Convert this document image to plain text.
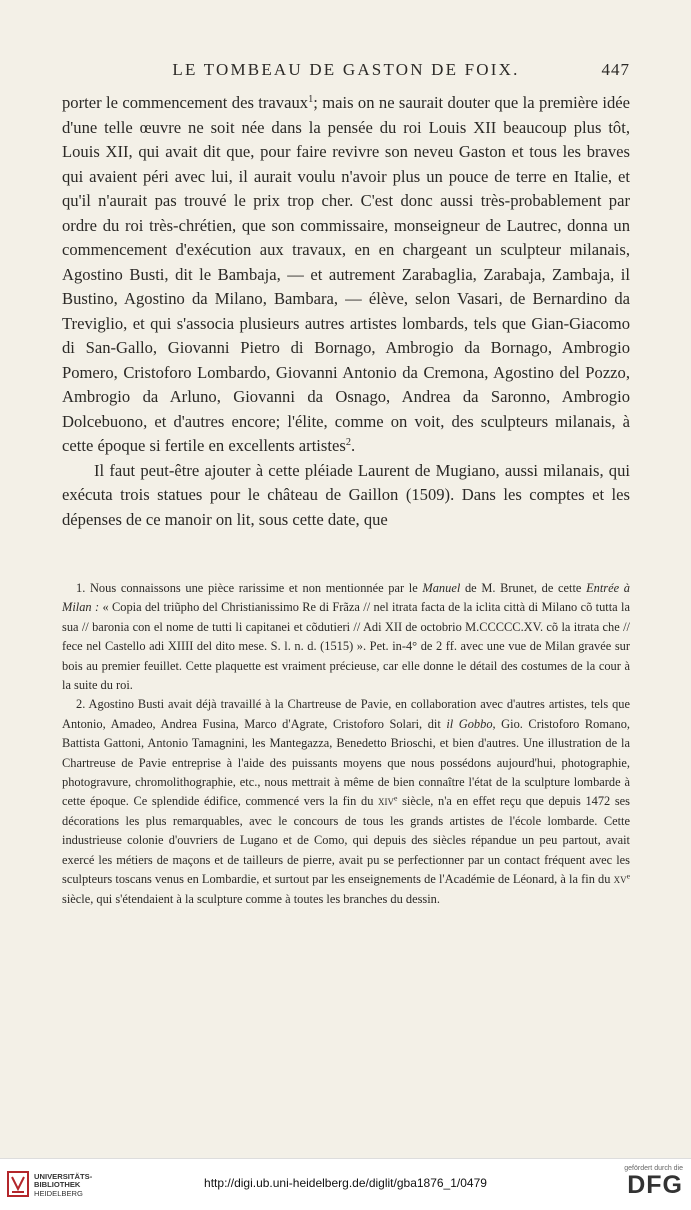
LE TOMBEAU DE GASTON DE FOIX.	447

porter le commencement des travaux$^1$; mais on ne saurait douter que la première idée d'une telle œuvre ne soit née dans la pensée du roi Louis XII beaucoup plus tôt, Louis XII, qui avait dit que, pour faire revivre son neveu Gaston et tous les braves qui avaient péri avec lui, il aurait voulu n'avoir plus un pouce de terre en Italie, et qu'il n'aurait pas trouvé le prix trop cher. C'est donc aussi très-probablement par ordre du roi très-chrétien, que son commissaire, monseigneur de Lautrec, donna un commencement d'exécution aux travaux, en en chargeant un sculpteur milanais, Agostino Busti, dit le Bambaja, — et autrement Zarabaglia, Zarabaja, Zambaja, il Bustino, Agostino da Milano, Bambara, — élève, selon Vasari, de Bernardino da Treviglio, et qui s'associa plusieurs autres artistes lombards, tels que Gian-Giacomo di San-Gallo, Giovanni Pietro di Bornago, Ambrogio da Bornago, Ambrogio Pomero, Cristoforo Lombardo, Giovanni Antonio da Cremona, Agostino del Pozzo, Ambrogio da Arluno, Giovanni da Osnago, Andrea da Saronno, Ambrogio Dolcebuono, et d'autres encore; l'élite, comme on voit, des sculpteurs milanais, à cette époque si fertile en excellents artistes$^2$.

Il faut peut-être ajouter à cette pléiade Laurent de Mugiano, aussi milanais, qui exécuta trois statues pour le château de Gaillon (1509). Dans les comptes et les dépenses de ce manoir on lit, sous cette date, que

1. Nous connaissons une pièce rarissime et non mentionnée par le Manuel de M. Brunet, de cette Entrée à Milan : « Copia del triũpho del Christianissimo Re di Frãza // nel itrata facta de la iclita città di Milano cõ tutta la sua // baronia con el nome de tutti li capitanei et cõdutieri // Adi XII de octobrio M.CCCCC.XV. cõ la itrata che // fece nel Castello adi XIIII del dito mese. S. l. n. d. (1515) ». Pet. in-4° de 2 ff. avec une vue de Milan gravée sur bois au premier feuillet. Cette plaquette est vraiment précieuse, car elle donne le détail des costumes de la cour à la suite du roi.

2. Agostino Busti avait déjà travaillé à la Chartreuse de Pavie, en collaboration avec d'autres artistes, tels que Antonio, Amadeo, Andrea Fusina, Marco d'Agrate, Cristoforo Solari, dit il Gobbo, Gio. Cristoforo Romano, Battista Gattoni, Antonio Tamagnini, les Mantegazza, Benedetto Brioschi, et bien d'autres. Une illustration de la Chartreuse de Pavie entreprise à l'aide des puissants moyens que nous possédons aujourd'hui, photographie, photogravure, chromolithographie, etc., nous mettrait à même de bien connaître l'état de la sculpture lombarde à cette époque. Ce splendide édifice, commencé vers la fin du xiv$^e$ siècle, n'a en effet reçu que depuis 1472 ses décorations les plus remarquables, avec le concours de tous les grands artistes de l'école lombarde. Cette industrieuse colonie d'ouvriers de Lugano et de Como, qui depuis des siècles répandue un peu partout, avait exercé les métiers de maçons et de tailleurs de pierre, avait pu se perfectionner par un contact fréquent avec les sculpteurs toscans venus en Lombardie, et surtout par les enseignements de l'Académie de Léonard, à la fin du $xv^e$ siècle, qui s'étendaient à la sculpture comme à toutes les branches du dessin.

UNIVERSITÄTS-
BIBLIOTHEK
HEIDELBERG
http://digi.ub.uni-heidelberg.de/diglit/gba1876_1/0479
gefördert durch die
DFG
